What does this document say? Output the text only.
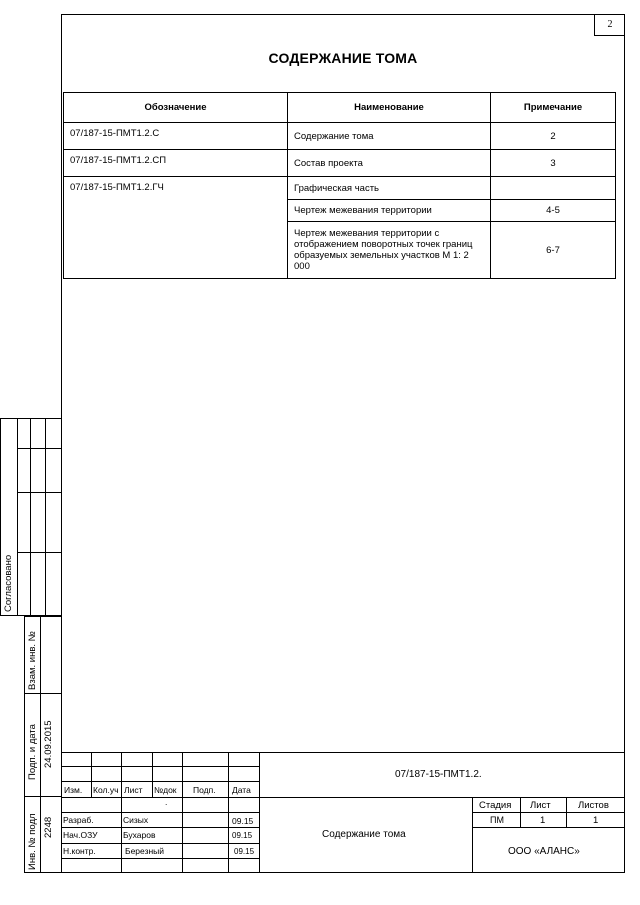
2
СОДЕРЖАНИЕ ТОМА
Обозначение	Наименование	Примечание
07/187-15-ПМТ1.2.С	Содержание тома	2
07/187-15-ПМТ1.2.СП	Состав проекта	3
07/187-15-ПМТ1.2.ГЧ	Графическая часть	
	Чертеж межевания территории	4-5
	Чертеж межевания территории с отображением поворотных точек границ образуемых земельных участков М 1: 2 000	6-7
Согласовано
Взам. инв. №
Подп. и дата 24.09.2015
Инв. № подл 2248
07/187-15-ПМТ1.2.
Изм. Кол.уч Лист №док Подп. Дата
.
Разраб.	Сизых	09.15
Нач.ОЗУ	Бухаров	09.15
Н.контр.	Березный	09.15
Содержание тома
Стадия Лист	Листов
ПМ	1	1
ООО «АЛАНС»
